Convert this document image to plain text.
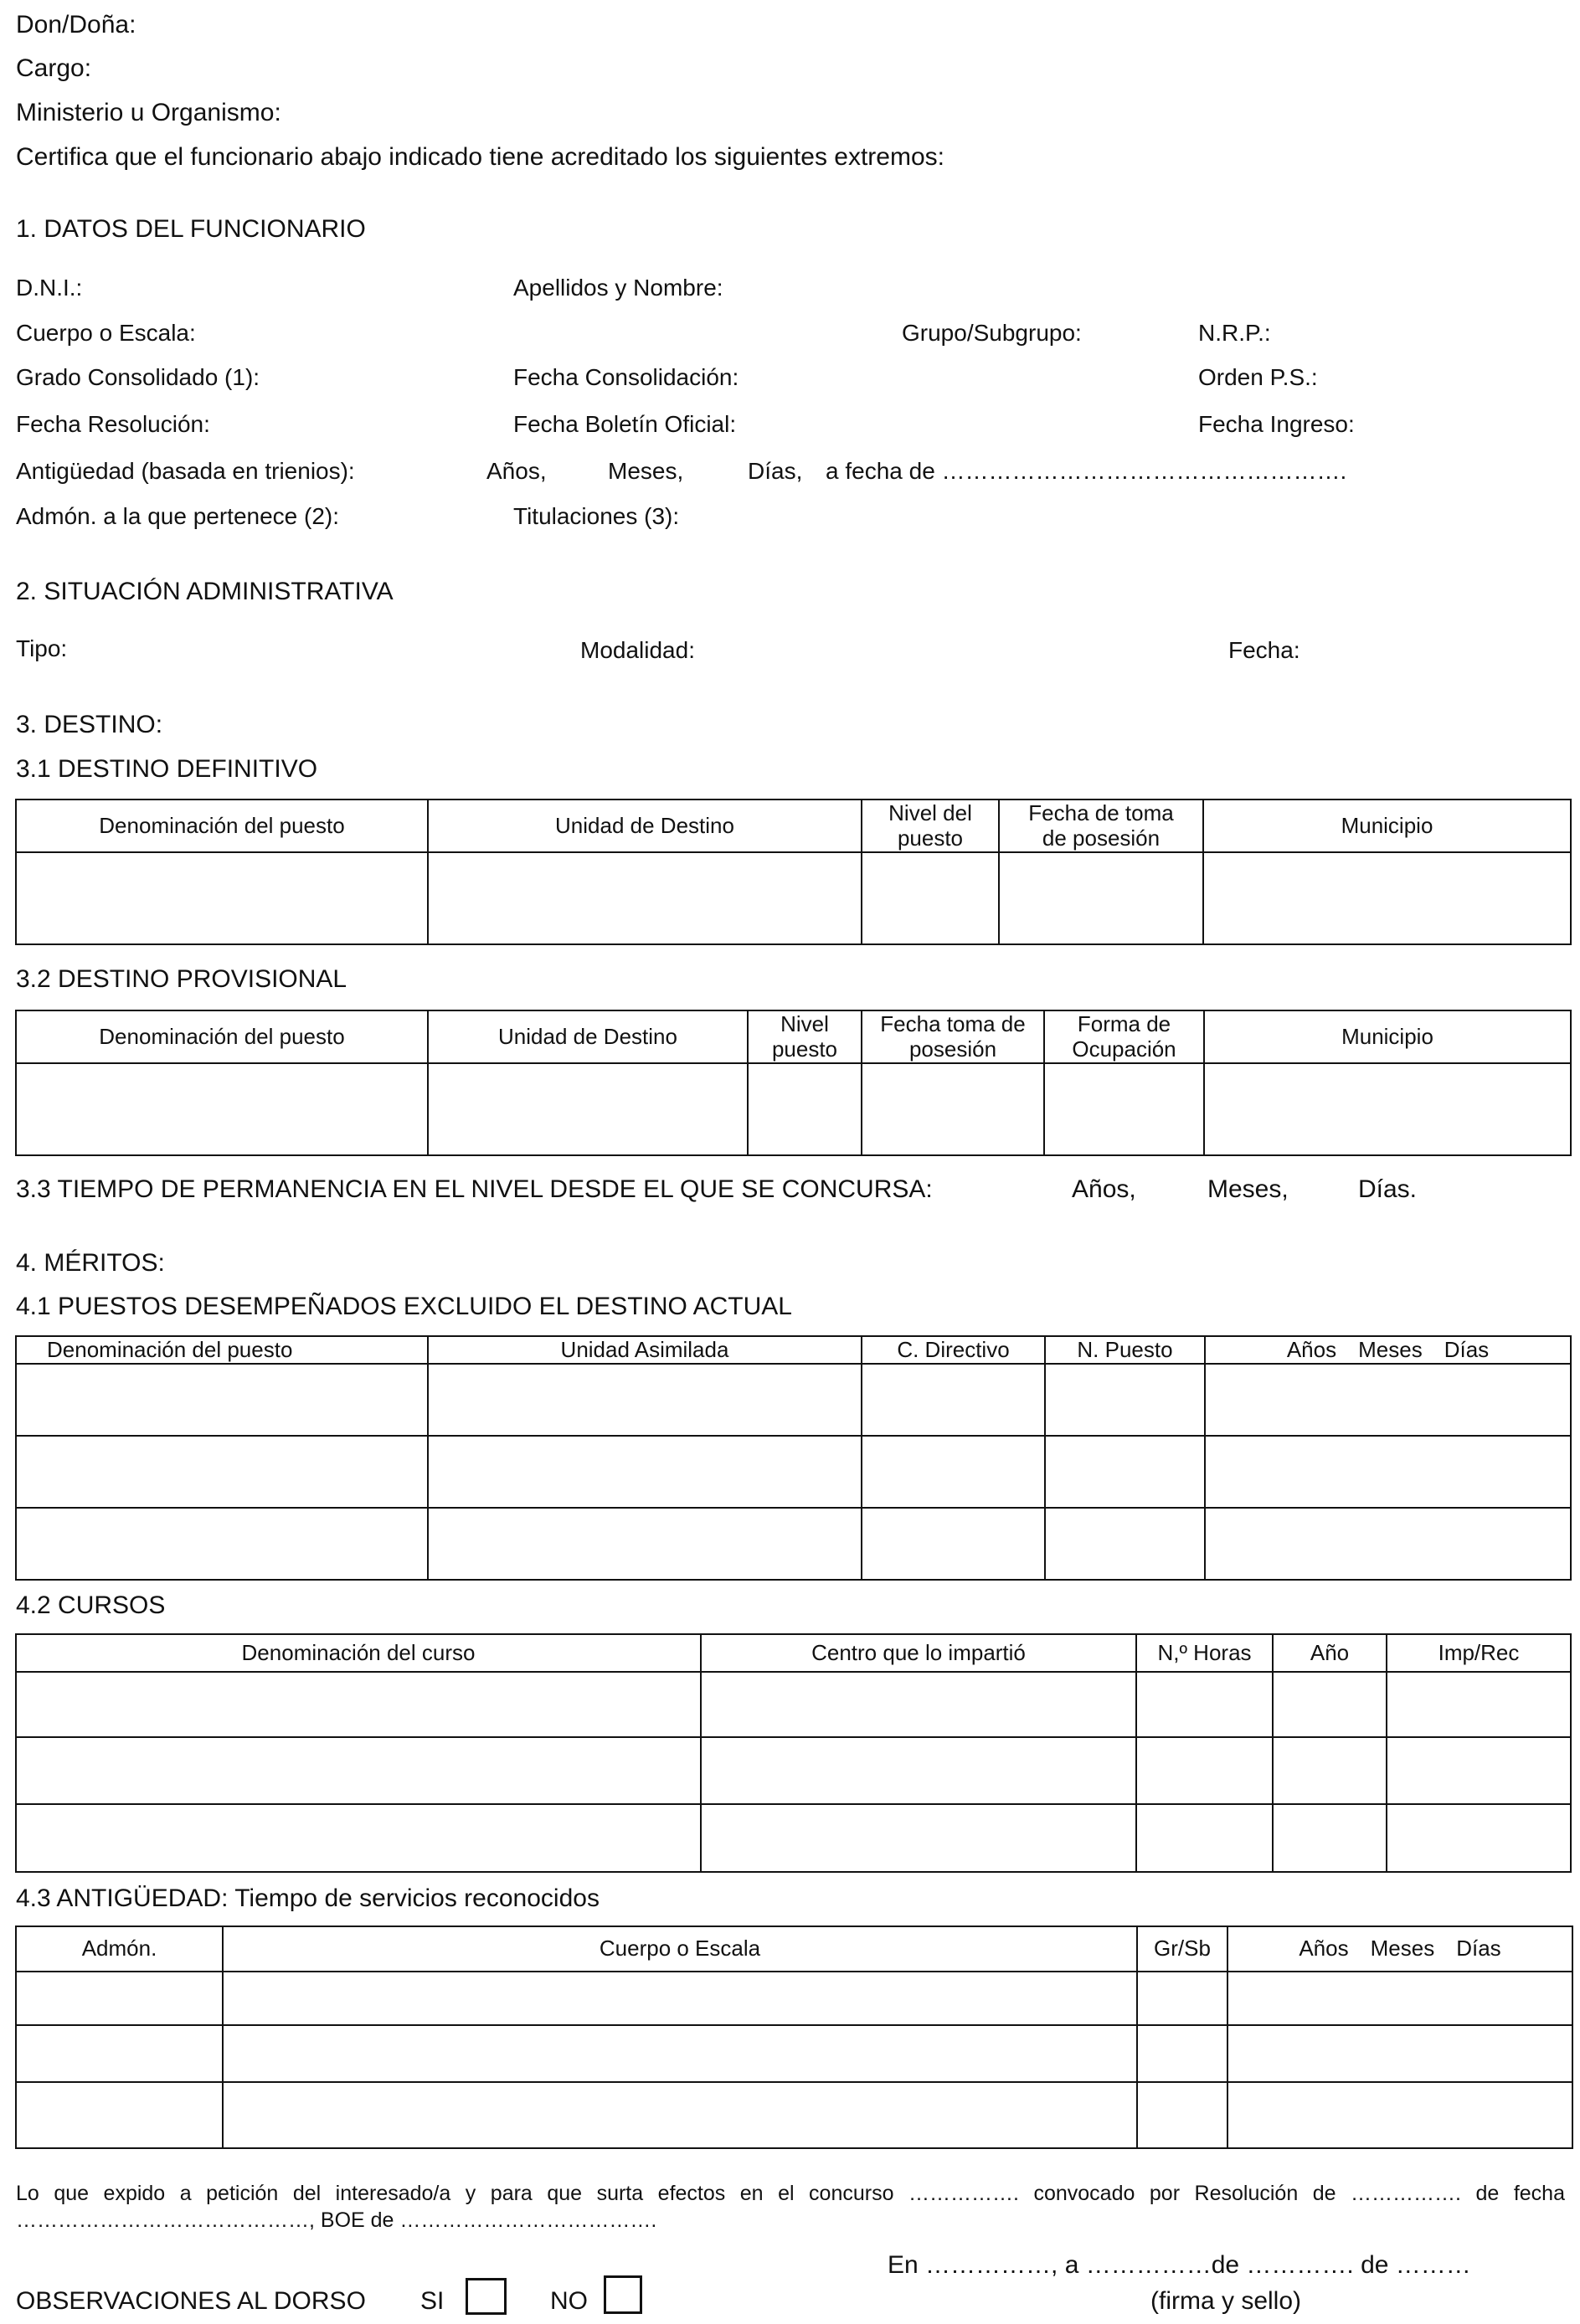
Don/Doña:
Cargo:
Ministerio u Organismo:
Certifica que el funcionario abajo indicado tiene acreditado los siguientes extremos:
1. DATOS DEL FUNCIONARIO
D.N.I.:	Apellidos y Nombre:
Cuerpo o Escala:	Grupo/Subgrupo:	N.R.P.:
Grado Consolidado (1):	Fecha Consolidación:	Orden P.S.:
Fecha Resolución:	Fecha Boletín Oficial:	Fecha Ingreso:
Antigüedad (basada en trienios):	Años,	Meses,	Días, a fecha de …………………………………………….
Admón. a la que pertenece (2):	Titulaciones (3):
2. SITUACIÓN ADMINISTRATIVA
Tipo:	Modalidad:	Fecha:
3. DESTINO:
3.1 DESTINO DEFINITIVO
Denominación del puesto	Unidad de Destino	Nivel del puesto	Fecha de toma de posesión	Municipio

3.2 DESTINO PROVISIONAL
Denominación del puesto	Unidad de Destino	Nivel puesto	Fecha toma de posesión	Forma de Ocupación	Municipio

3.3 TIEMPO DE PERMANENCIA EN EL NIVEL DESDE EL QUE SE CONCURSA:	Años,	Meses,	Días.
4. MÉRITOS:
4.1 PUESTOS DESEMPEÑADOS EXCLUIDO EL DESTINO ACTUAL
Denominación del puesto	Unidad Asimilada	C. Directivo	N. Puesto	Años Meses Días

4.2 CURSOS
Denominación del curso	Centro que lo impartió	N,º Horas	Año	Imp/Rec

4.3 ANTIGÜEDAD: Tiempo de servicios reconocidos
Admón.	Cuerpo o Escala	Gr/Sb	Años Meses Días

Lo que expido a petición del interesado/a y para que surta efectos en el concurso ……………. convocado por Resolución de ……………. de fecha
……………………………………, BOE de ……………………………….
En ……………, a ……………de …………. de ………
(firma y sello)
OBSERVACIONES AL DORSO SI	NO
